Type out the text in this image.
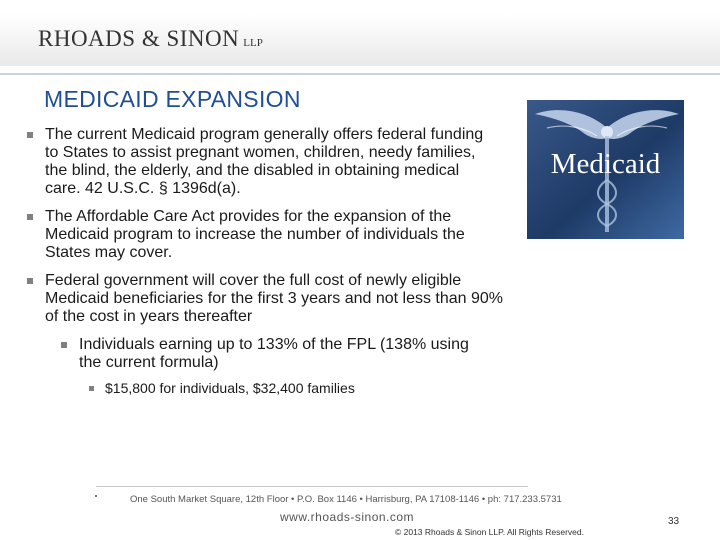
RHOADS & SINON LLP
MEDICAID EXPANSION
Medicaid
The current Medicaid program generally offers federal funding to States to assist pregnant women, children, needy families, the blind, the elderly, and the disabled in obtaining medical care. 42 U.S.C. § 1396d(a).
The Affordable Care Act provides for the expansion of the Medicaid program to increase the number of individuals the States may cover.
Federal government will cover the full cost of newly eligible Medicaid beneficiaries for the first 3 years and not less than 90% of the cost in years thereafter
Individuals earning up to 133% of the FPL (138% using the current formula)
$15,800 for individuals, $32,400 families
One South Market Square, 12th Floor • P.O. Box 1146 • Harrisburg, PA 17108-1146 • ph: 717.233.5731
www.rhoads-sinon.com
© 2013 Rhoads & Sinon LLP. All Rights Reserved.
33
